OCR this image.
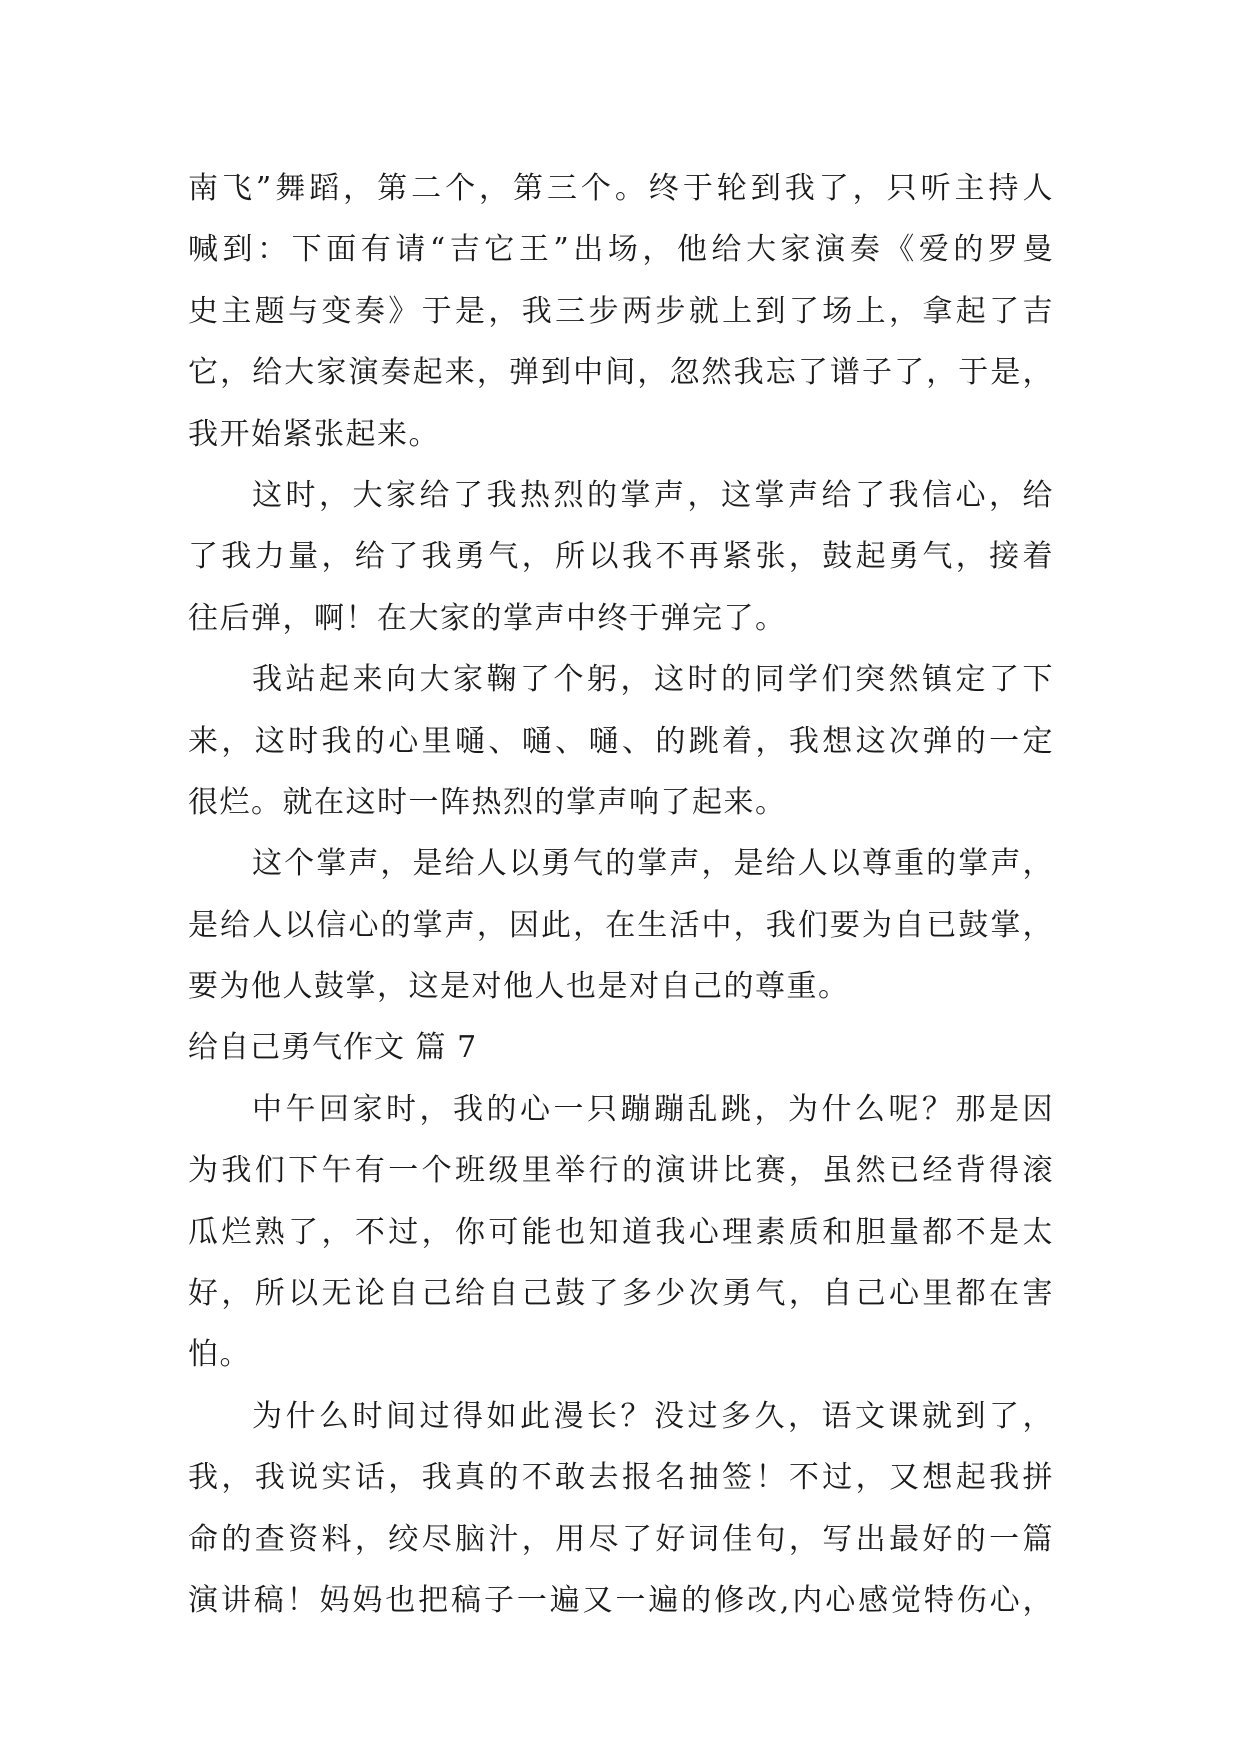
南飞”舞蹈，第二个，第三个。终于轮到我了，只听主持人
喊到：下面有请“吉它王”出场，他给大家演奏《爱的罗曼
史主题与变奏》于是，我三步两步就上到了场上，拿起了吉
它，给大家演奏起来，弹到中间，忽然我忘了谱子了，于是，
我开始紧张起来。
这时，大家给了我热烈的掌声，这掌声给了我信心，给
了我力量，给了我勇气，所以我不再紧张，鼓起勇气，接着
往后弹，啊！在大家的掌声中终于弹完了。
我站起来向大家鞠了个躬，这时的同学们突然镇定了下
来，这时我的心里嗵、嗵、嗵、的跳着，我想这次弹的一定
很烂。就在这时一阵热烈的掌声响了起来。
这个掌声，是给人以勇气的掌声，是给人以尊重的掌声，
是给人以信心的掌声，因此，在生活中，我们要为自已鼓掌，
要为他人鼓掌，这是对他人也是对自己的尊重。
给自己勇气作文 篇 7
中午回家时，我的心一只蹦蹦乱跳，为什么呢？那是因
为我们下午有一个班级里举行的演讲比赛，虽然已经背得滚
瓜烂熟了，不过，你可能也知道我心理素质和胆量都不是太
好，所以无论自己给自己鼓了多少次勇气，自己心里都在害
怕。
为什么时间过得如此漫长？没过多久，语文课就到了，
我，我说实话，我真的不敢去报名抽签！不过，又想起我拼
命的查资料，绞尽脑汁，用尽了好词佳句，写出最好的一篇
演讲稿！妈妈也把稿子一遍又一遍的修改,内心感觉特伤心，
